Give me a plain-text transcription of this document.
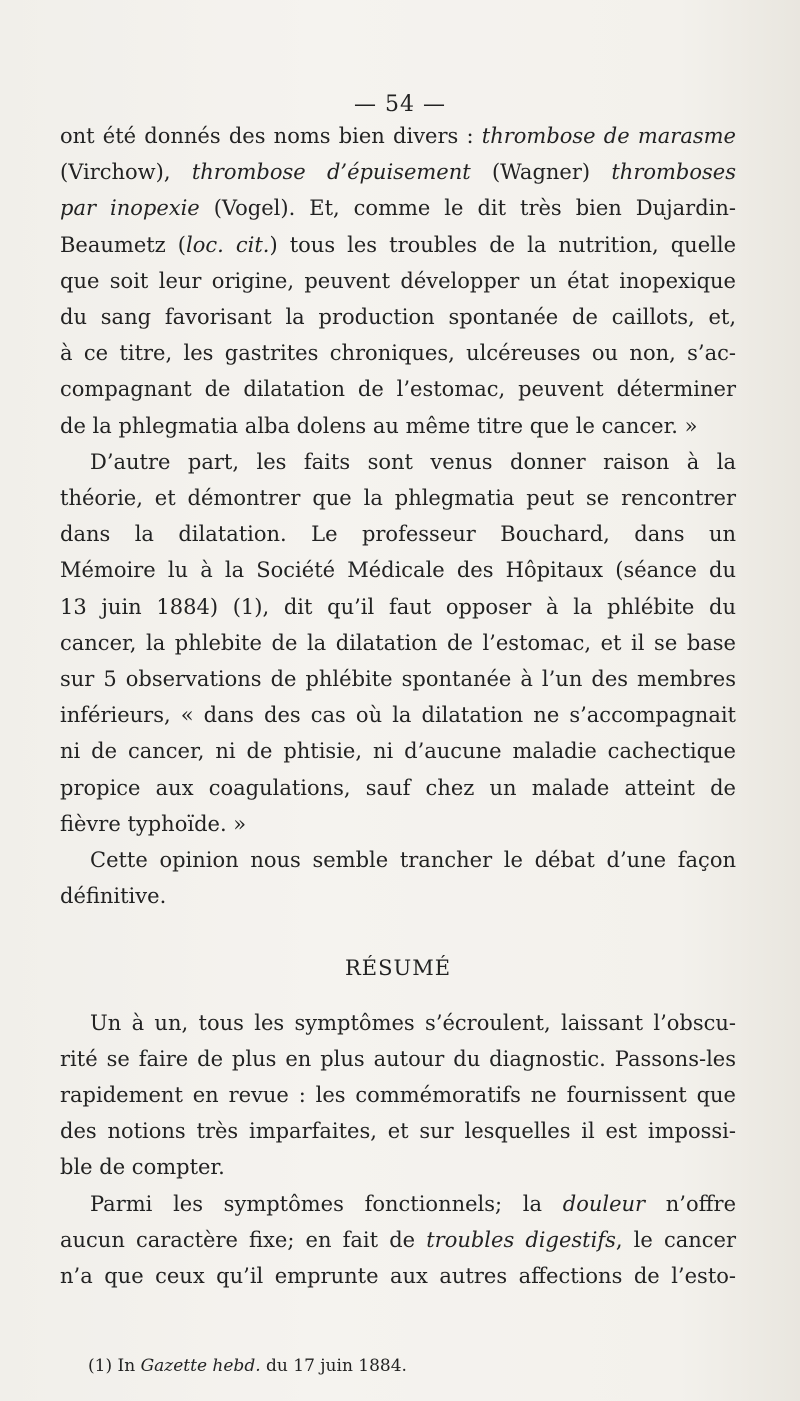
— 54 —
ont été donnés des noms bien divers : thrombose de marasme
(Virchow), thrombose d’épuisement (Wagner) thromboses
par inopexie (Vogel). Et, comme le dit très bien Dujardin-
Beaumetz (loc. cit.) tous les troubles de la nutrition, quelle
que soit leur origine, peuvent développer un état inopexique
du sang favorisant la production spontanée de caillots, et,
à ce titre, les gastrites chroniques, ulcéreuses ou non, s’ac-
compagnant de dilatation de l’estomac, peuvent déterminer
de la phlegmatia alba dolens au même titre que le cancer. »
D’autre part, les faits sont venus donner raison à la
théorie, et démontrer que la phlegmatia peut se rencontrer
dans la dilatation. Le professeur Bouchard, dans un
Mémoire lu à la Société Médicale des Hôpitaux (séance du
13 juin 1884) (1), dit qu’il faut opposer à la phlébite du
cancer, la phlebite de la dilatation de l’estomac, et il se base
sur 5 observations de phlébite spontanée à l’un des membres
inférieurs, « dans des cas où la dilatation ne s’accompagnait
ni de cancer, ni de phtisie, ni d’aucune maladie cachectique
propice aux coagulations, sauf chez un malade atteint de
fièvre typhoïde. »
Cette opinion nous semble trancher le débat d’une façon
définitive.
RÉSUMÉ
Un à un, tous les symptômes s’écroulent, laissant l’obscu-
rité se faire de plus en plus autour du diagnostic. Passons-les
rapidement en revue : les commémoratifs ne fournissent que
des notions très imparfaites, et sur lesquelles il est impossi-
ble de compter.
Parmi les symptômes fonctionnels; la douleur n’offre
aucun caractère fixe; en fait de troubles digestifs, le cancer
n’a que ceux qu’il emprunte aux autres affections de l’esto-
(1) In Gazette hebd. du 17 juin 1884.
